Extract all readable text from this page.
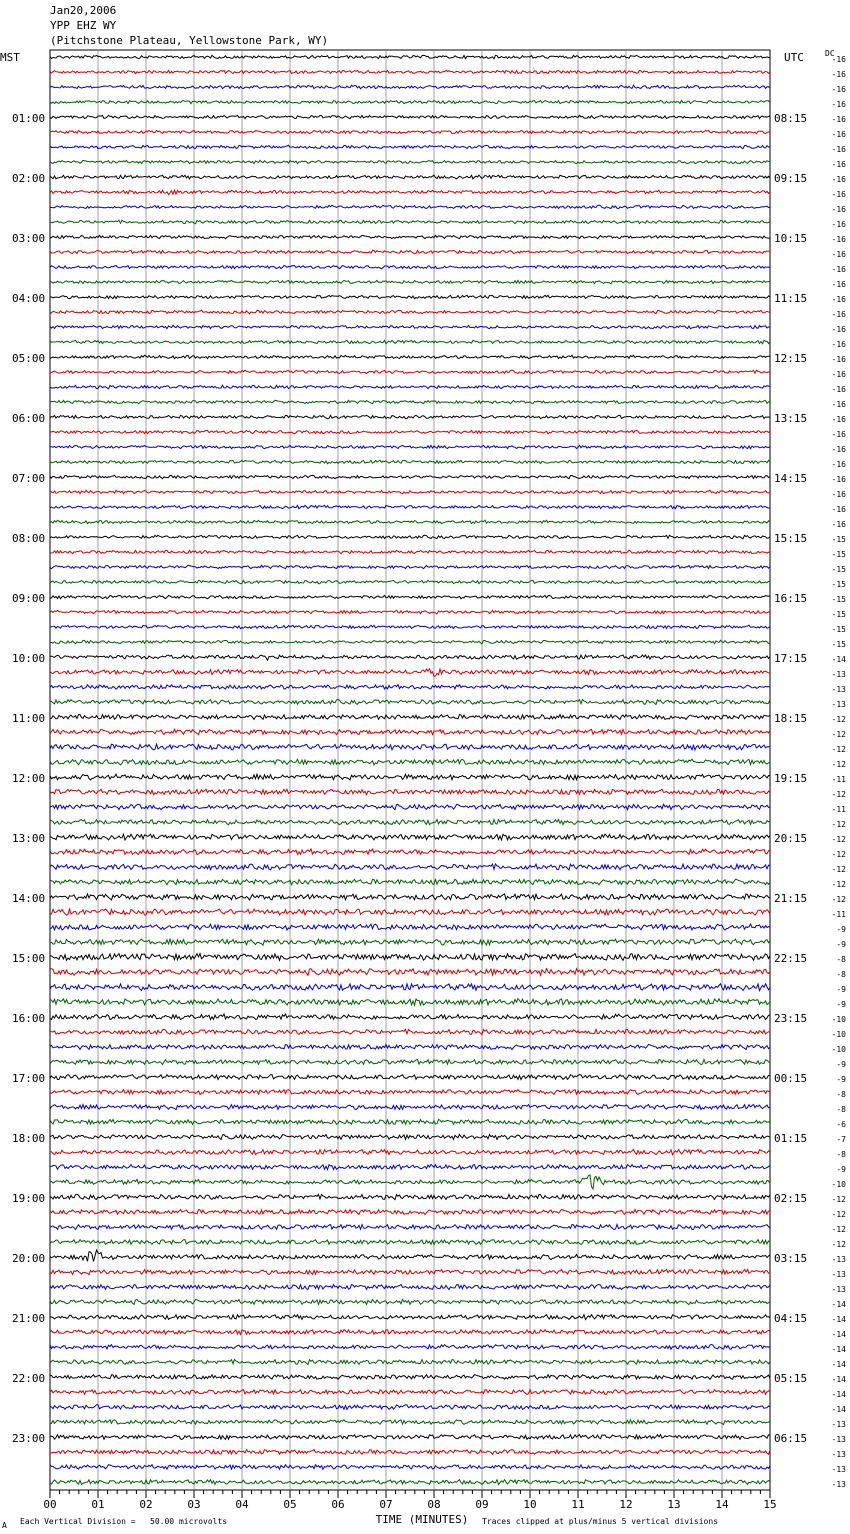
Jan20,2006
YPP EHZ WY
(Pitchstone Plateau, Yellowstone Park, WY)
MST	UTC
00	01	02	03	04	05	06	07	08	09	10	11	12	13	14	15
TIME (MINUTES)
-16
-16
-16
-16
-16
-16
-16
-16
-16
-16
-16
-16
-16
-16
-16
-16
-16
-16
-16
-16
-16
-16
-16
-16
-16
-16
-16
-16
-16
-16
-16
-16
-15
-15
-15
-15
-15
-15
-15
-15
-14
-13
-13
-13
-12
-12
-12
-12
-11
-12
-11
-12
-12
-12
-12
-12
-12
-11
-9
-9
-8
-8
-9
-9
-10
-10
-10
-9
-9
-8
-8
-6
-7
-8
-9
-10
-12
-12
-12
-12
-13
-13
-13
-14
-14
-14
-14
-14
-14
-14
-14
-13
-13
-13
-13
-13
DC
01:00
02:00
03:00
04:00
05:00
06:00
07:00
08:00
09:00
10:00
11:00
12:00
13:00
14:00
15:00
16:00
17:00
18:00
19:00
20:00
21:00
22:00
23:00
08:15
09:15
10:15
11:15
12:15
13:15
14:15
15:15
16:15
17:15
18:15
19:15
20:15
21:15
22:15
23:15
00:15
01:15
02:15
03:15
04:15
05:15
06:15
A Each Vertical Division =   50.00 microvolts	Traces clipped at plus/minus 5 vertical divisions
